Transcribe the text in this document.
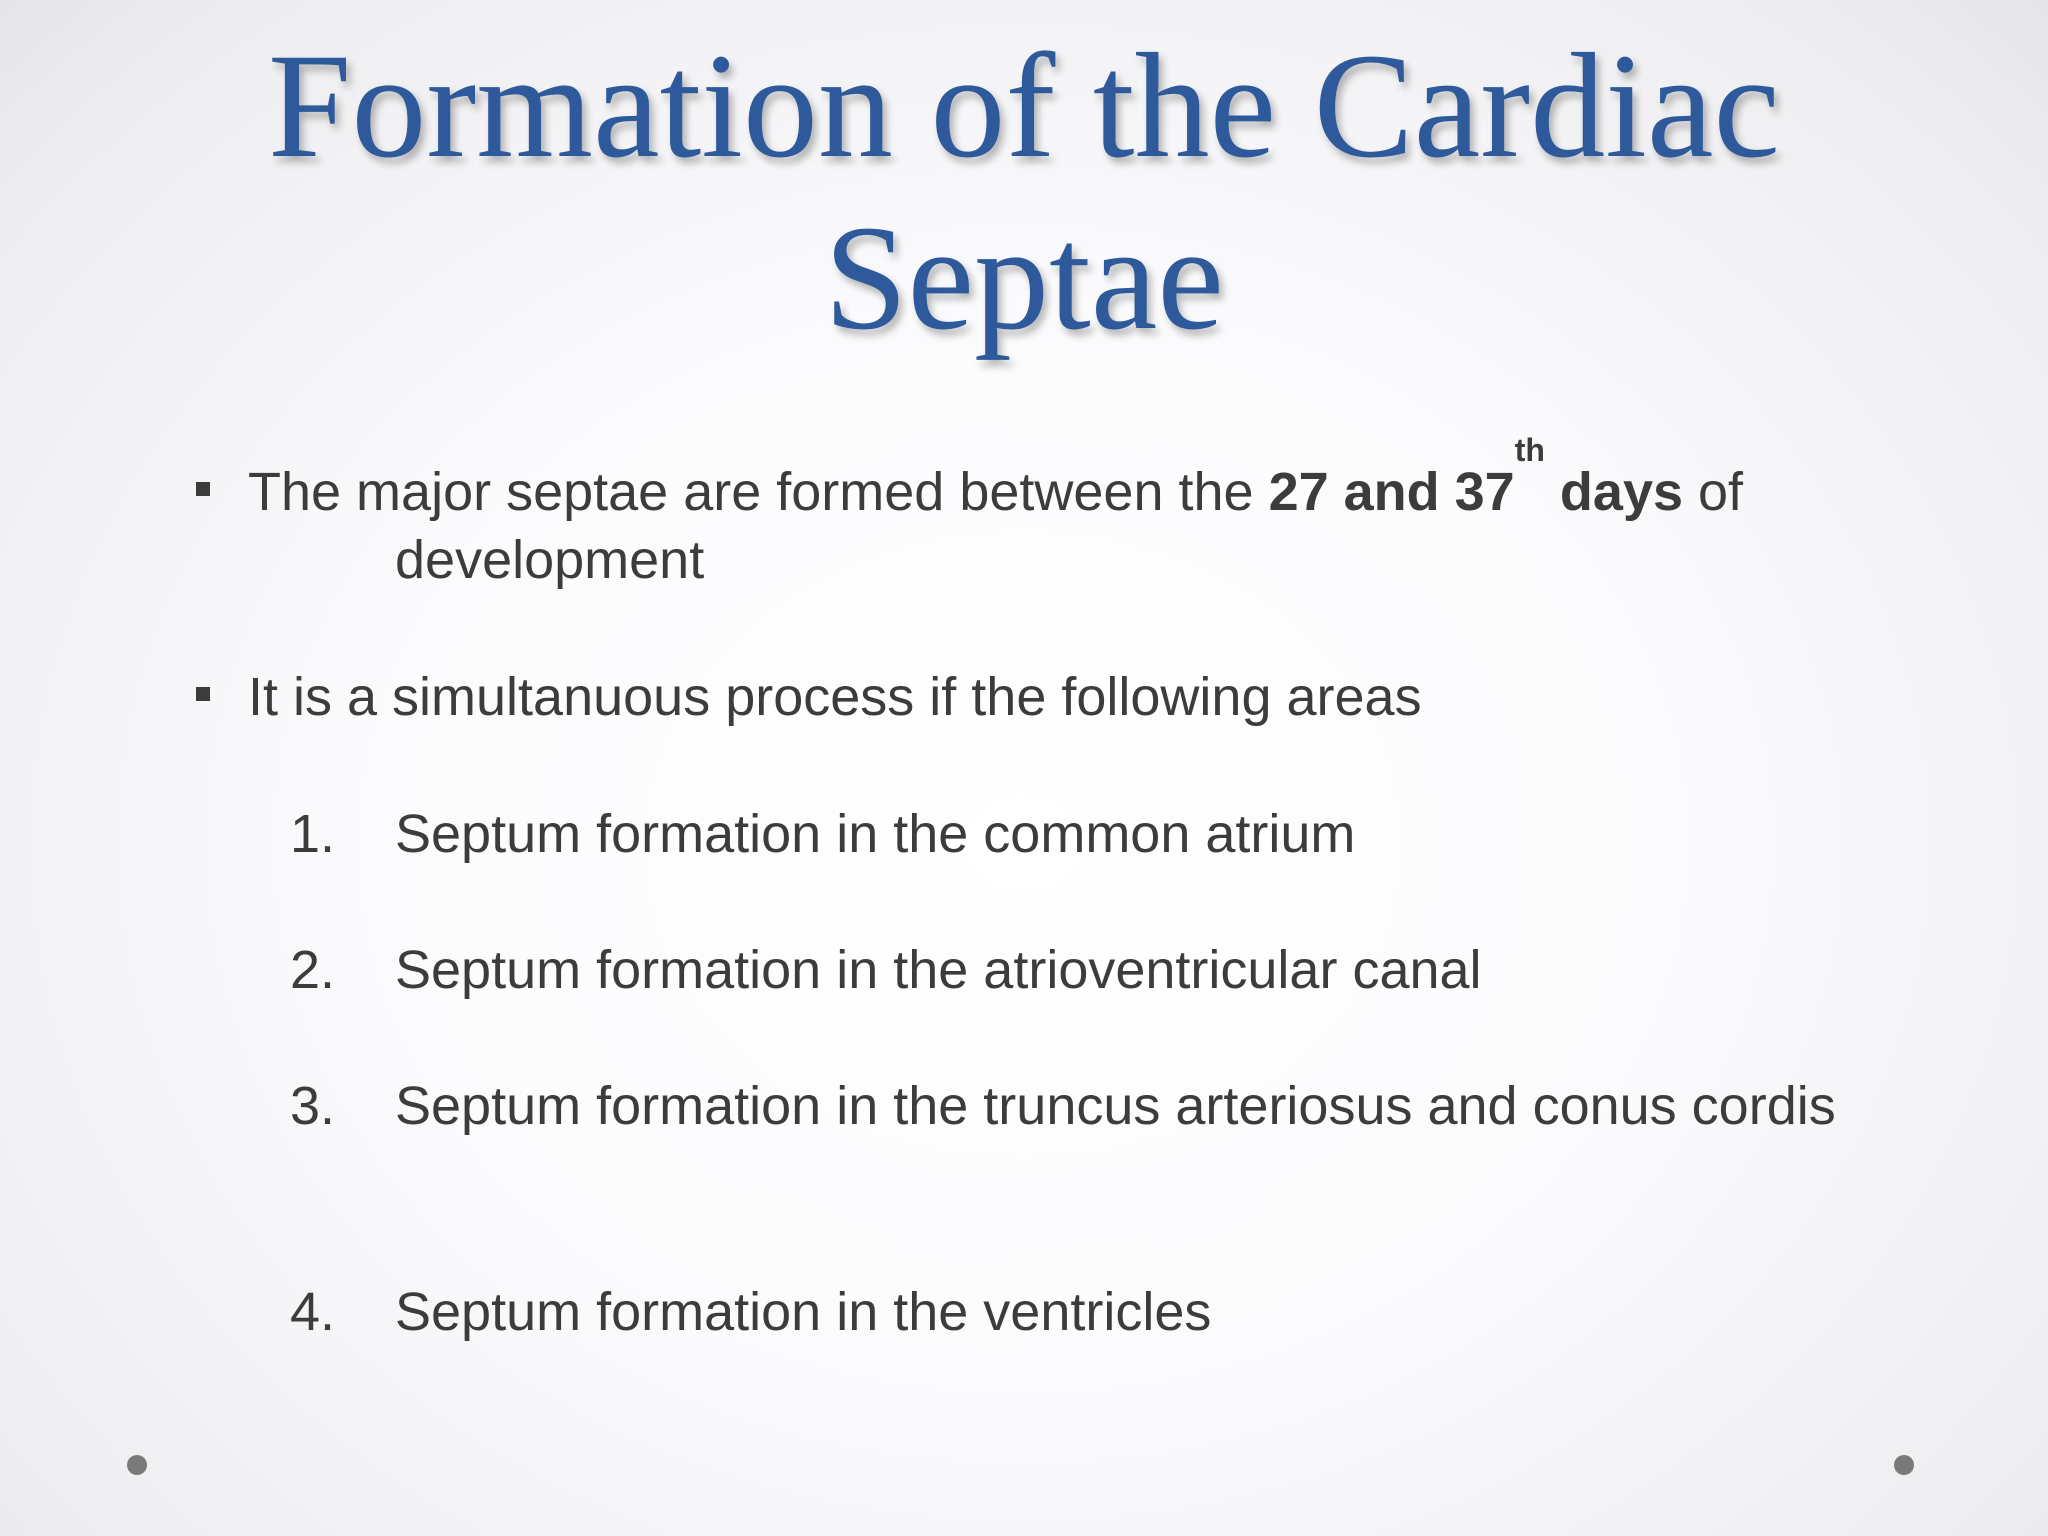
Formation of the Cardiac
Septae
The major septae are formed between the 27 and 37th days of
development
It is a simultanuous process if the following areas
1. Septum formation in the common atrium
2. Septum formation in the atrioventricular canal
3. Septum formation in the truncus arteriosus and conus cordis
4. Septum formation in the ventricles
